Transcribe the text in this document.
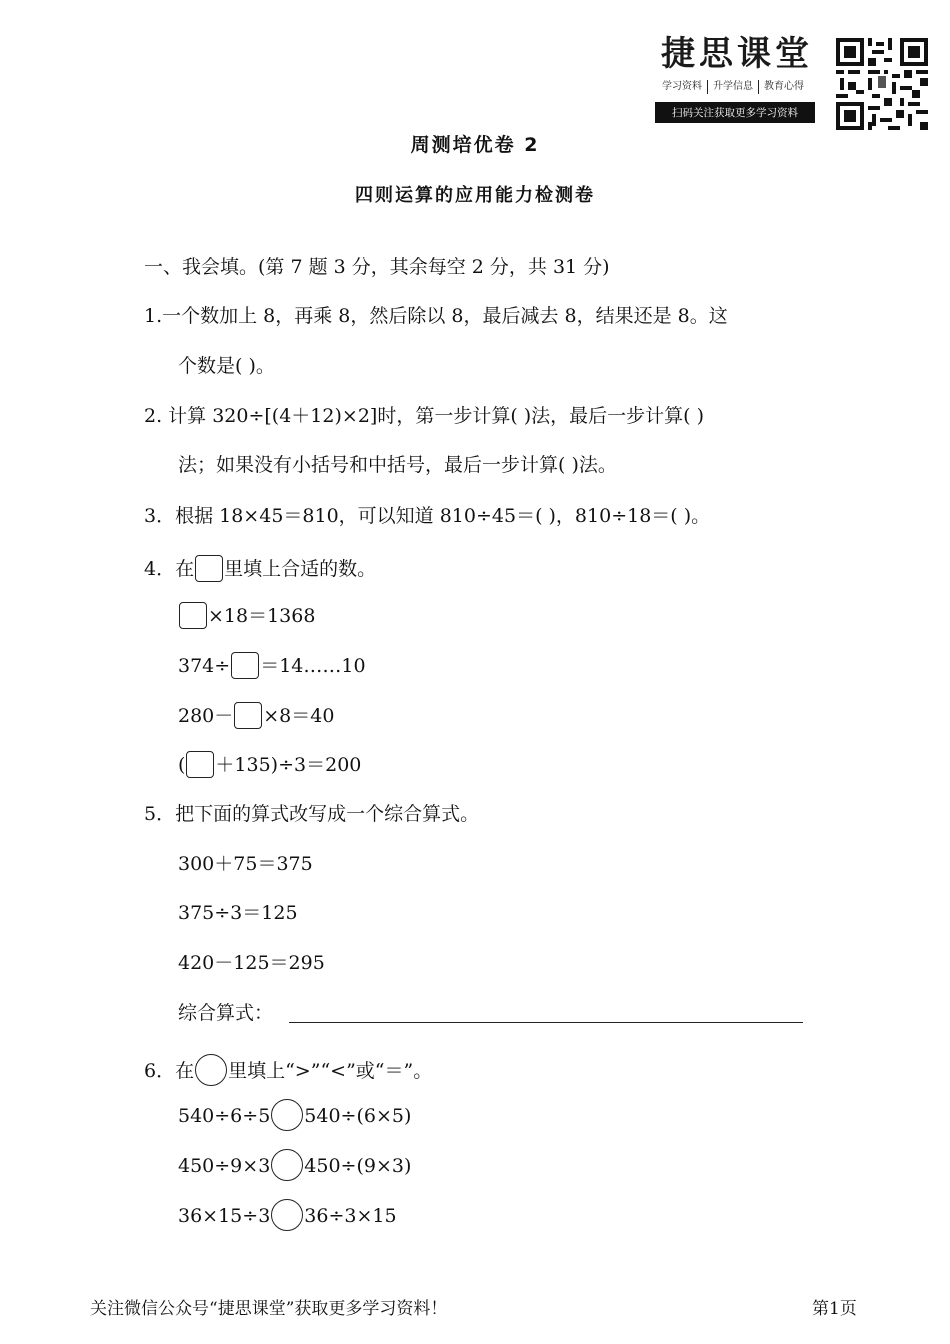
捷思课堂
学习资料	升学信息	教育心得
扫码关注获取更多学习资料
周测培优卷 2
四则运算的应用能力检测卷
一、我会填。(第 7 题 3 分，其余每空 2 分，共 31 分)
1.一个数加上 8，再乘 8，然后除以 8，最后减去 8，结果还是 8。这
个数是( )。
2. 计算 320÷[(4＋12)×2]时，第一步计算( )法，最后一步计算( )
法；如果没有小括号和中括号，最后一步计算( )法。
3．根据 18×45＝810，可以知道 810÷45＝( )，810÷18＝( )。
4．在 里填上合适的数。
×18＝1368
374÷ ＝14……10
280－ ×8＝40
( ＋135)÷3＝200
5．把下面的算式改写成一个综合算式。
300＋75＝375
375÷3＝125
420－125＝295
综合算式：
6．在 里填上“>”“<”或“＝”。
540÷6÷5 540÷(6×5)
450÷9×3 450÷(9×3)
36×15÷3 36÷3×15
关注微信公众号“捷思课堂”获取更多学习资料！	第1页
